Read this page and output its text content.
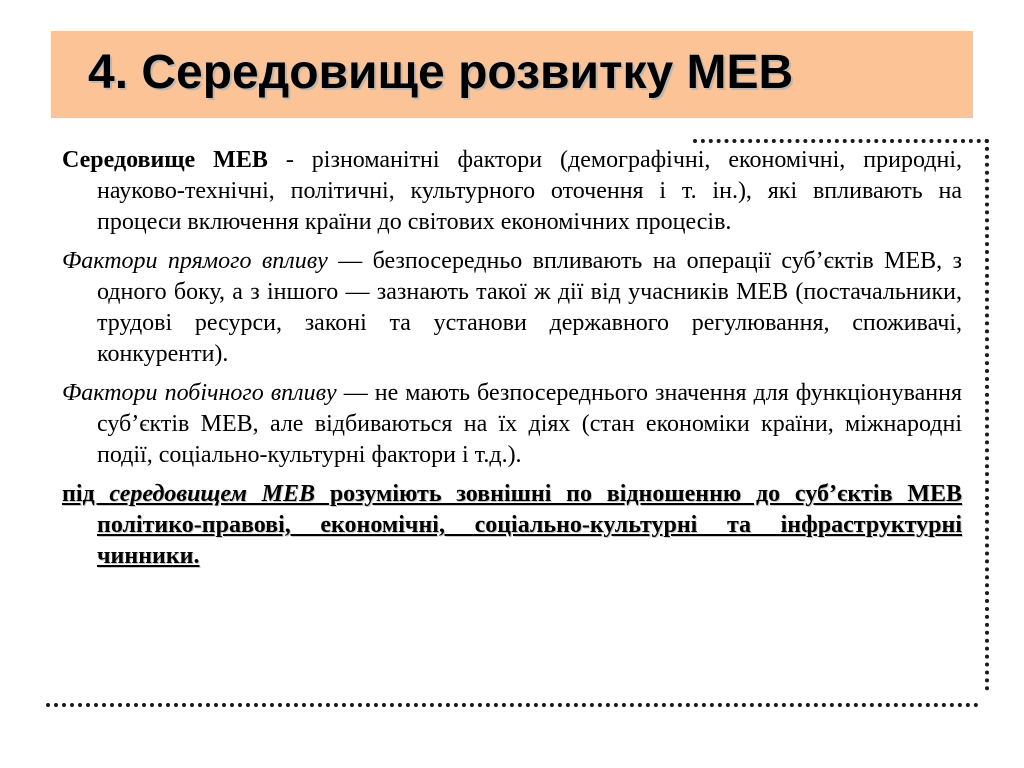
4. Середовище розвитку МЕВ

Середовище МЕВ - різноманітні фактори (демографічні, економічні, природні, науково-технічні, політичні, культурного оточення і т. ін.), які впливають на процеси включення країни до світових економічних процесів.

Фактори прямого впливу — безпосередньо впливають на операції суб’єктів МЕВ, з одного боку, а з іншого — зазнають такої ж дії від учасників МЕВ (постачальники, трудові ресурси, законі та установи державного регулювання, споживачі, конкуренти).

Фактори побічного впливу — не мають безпосереднього значення для функціонування суб’єктів МЕВ, але відбиваються на їх діях (стан економіки країни, міжнародні події, соціально-культурні фактори і т.д.).

під середовищем МЕВ розуміють зовнішні по відношенню до суб’єктів МЕВ політико-правові, економічні, соціально-культурні та інфраструктурні чинники.
